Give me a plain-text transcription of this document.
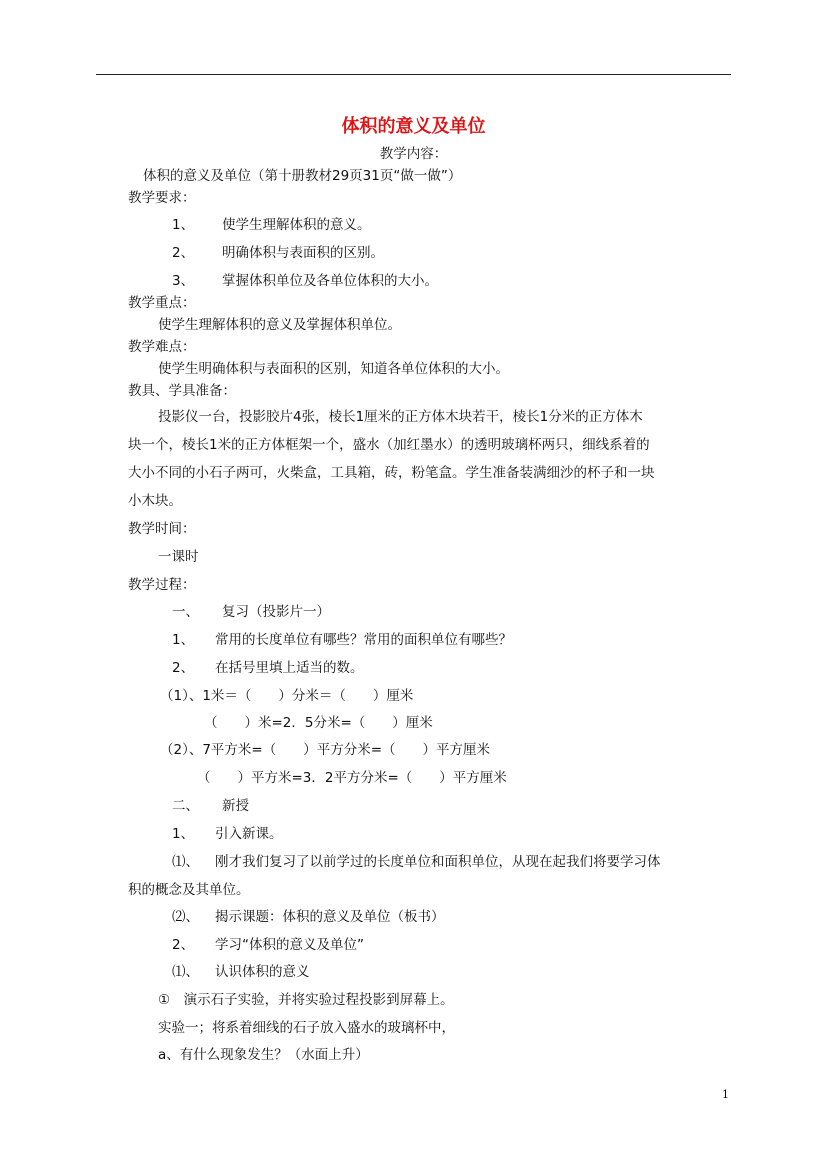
体积的意义及单位
教学内容：
体积的意义及单位（第十册教材29页31页“做一做”）
教学要求：
1、 使学生理解体积的意义。
2、 明确体积与表面积的区别。
3、 掌握体积单位及各单位体积的大小。
教学重点：
使学生理解体积的意义及掌握体积单位。
教学难点：
使学生明确体积与表面积的区别，知道各单位体积的大小。
教具、学具准备：
投影仪一台，投影胶片4张，棱长1厘米的正方体木块若干，棱长1分米的正方体木
块一个，棱长1米的正方体框架一个，盛水（加红墨水）的透明玻璃杯两只，细线系着的
大小不同的小石子两可，火柴盒，工具箱，砖，粉笔盒。学生准备装满细沙的杯子和一块
小木块。
教学时间：
一课时
教学过程：
一、 复习（投影片一）
1、 常用的长度单位有哪些？常用的面积单位有哪些？
2、 在括号里填上适当的数。
（1）、1米＝（　　）分米＝（　　）厘米
（　　）米=2．5分米=（　　）厘米
（2）、7平方米=（　　）平方分米=（　　）平方厘米
（　　）平方米=3．2平方分米=（　　）平方厘米
二、 新授
1、 引入新课。
⑴、 刚才我们复习了以前学过的长度单位和面积单位，从现在起我们将要学习体
积的概念及其单位。
⑵、 揭示课题：体积的意义及单位（板书）
2、 学习“体积的意义及单位”
⑴、 认识体积的意义
①　演示石子实验，并将实验过程投影到屏幕上。
实验一；将系着细线的石子放入盛水的玻璃杯中，
a、有什么现象发生？（水面上升）
1
